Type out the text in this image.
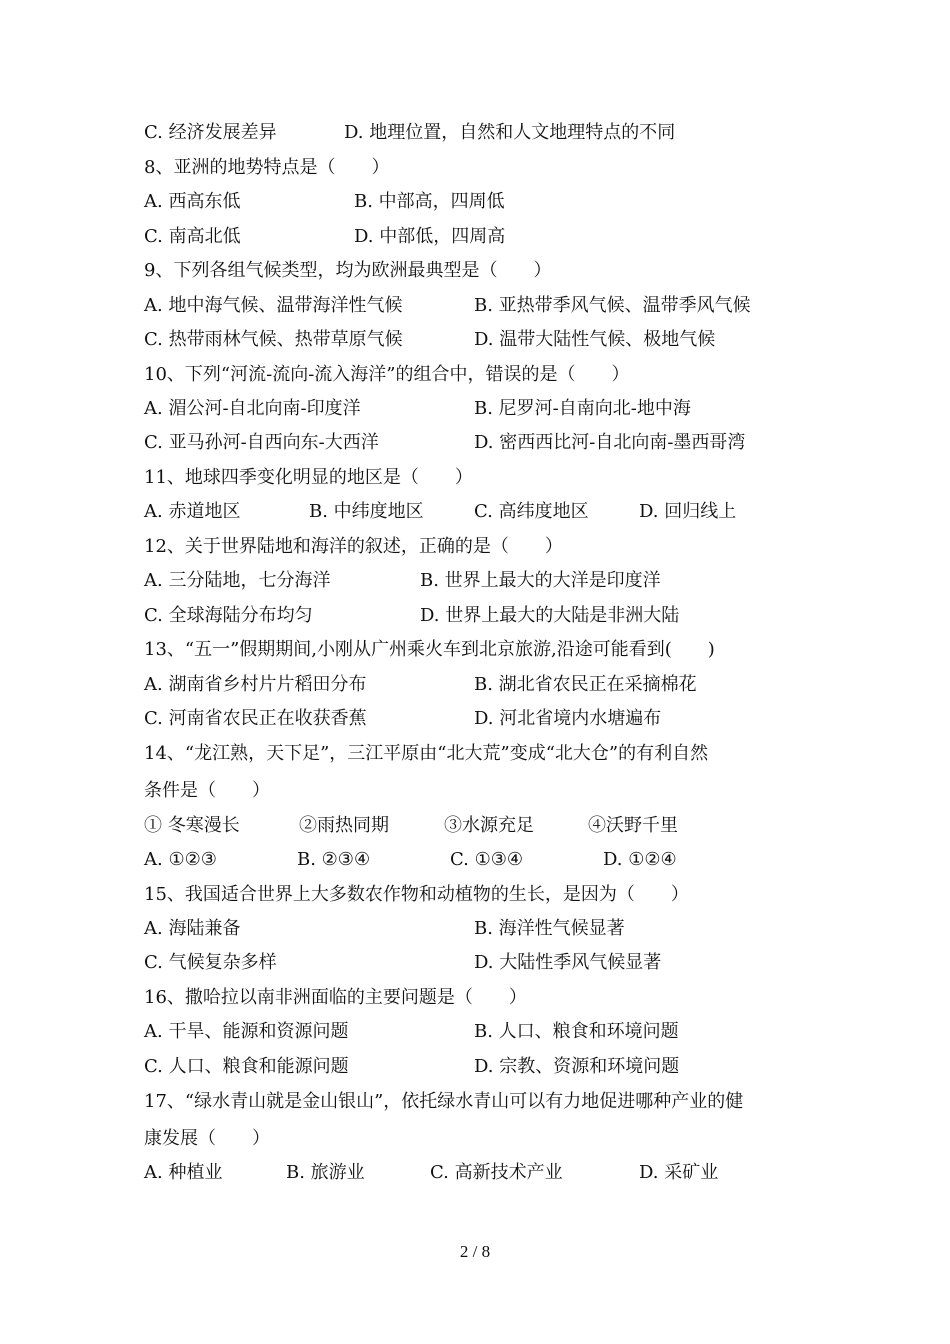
C. 经济发展差异	D. 地理位置，自然和人文地理特点的不同
8、亚洲的地势特点是（　　）
A. 西高东低	B. 中部高，四周低
C. 南高北低	D. 中部低，四周高
9、下列各组气候类型，均为欧洲最典型是（　　）
A. 地中海气候、温带海洋性气候	B. 亚热带季风气候、温带季风气候
C. 热带雨林气候、热带草原气候	D. 温带大陆性气候、极地气候
10、下列“河流-流向-流入海洋”的组合中，错误的是（　　）
A. 湄公河-自北向南-印度洋	B. 尼罗河-自南向北-地中海
C. 亚马孙河-自西向东-大西洋	D. 密西西比河-自北向南-墨西哥湾
11、地球四季变化明显的地区是（　　）
A. 赤道地区	B. 中纬度地区	C. 高纬度地区	D. 回归线上
12、关于世界陆地和海洋的叙述，正确的是（　　）
A. 三分陆地，七分海洋	B. 世界上最大的大洋是印度洋
C. 全球海陆分布均匀	D. 世界上最大的大陆是非洲大陆
13、“五一”假期期间,小刚从广州乘火车到北京旅游,沿途可能看到(　　)
A. 湖南省乡村片片稻田分布	B. 湖北省农民正在采摘棉花
C. 河南省农民正在收获香蕉	D. 河北省境内水塘遍布
14、“龙江熟，天下足”，三江平原由“北大荒”变成“北大仓”的有利自然
条件是（　　）
① 冬寒漫长	②雨热同期	③水源充足	④沃野千里
A. ①②③	B. ②③④	C. ①③④	D. ①②④
15、我国适合世界上大多数农作物和动植物的生长，是因为（　　）
A. 海陆兼备	B. 海洋性气候显著
C. 气候复杂多样	D. 大陆性季风气候显著
16、撒哈拉以南非洲面临的主要问题是（　　）
A. 干旱、能源和资源问题	B. 人口、粮食和环境问题
C. 人口、粮食和能源问题	D. 宗教、资源和环境问题
17、“绿水青山就是金山银山”，依托绿水青山可以有力地促进哪种产业的健
康发展（　　）
A. 种植业	B. 旅游业	C. 高新技术产业	D. 采矿业
2 / 8
